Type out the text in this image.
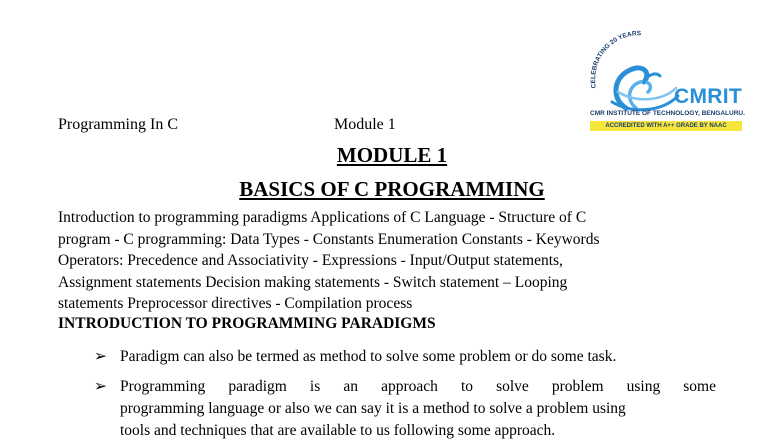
CELEBRATING 20 YEARS
CMRIT
CMR INSTITUTE OF TECHNOLOGY, BENGALURU.
ACCREDITED WITH A++ GRADE BY NAAC
Programming In C	Module 1
MODULE 1
BASICS OF C PROGRAMMING
Introduction to programming paradigms Applications of C Language - Structure of C
program - C programming: Data Types - Constants Enumeration Constants - Keywords
Operators: Precedence and Associativity - Expressions - Input/Output statements,
Assignment statements Decision making statements - Switch statement – Looping
statements Preprocessor directives - Compilation process
INTRODUCTION TO PROGRAMMING PARADIGMS
➢ Paradigm can also be termed as method to solve some problem or do some task.
➢ Programming paradigm is an approach to solve problem using some
programming language or also we can say it is a method to solve a problem using
tools and techniques that are available to us following some approach.
